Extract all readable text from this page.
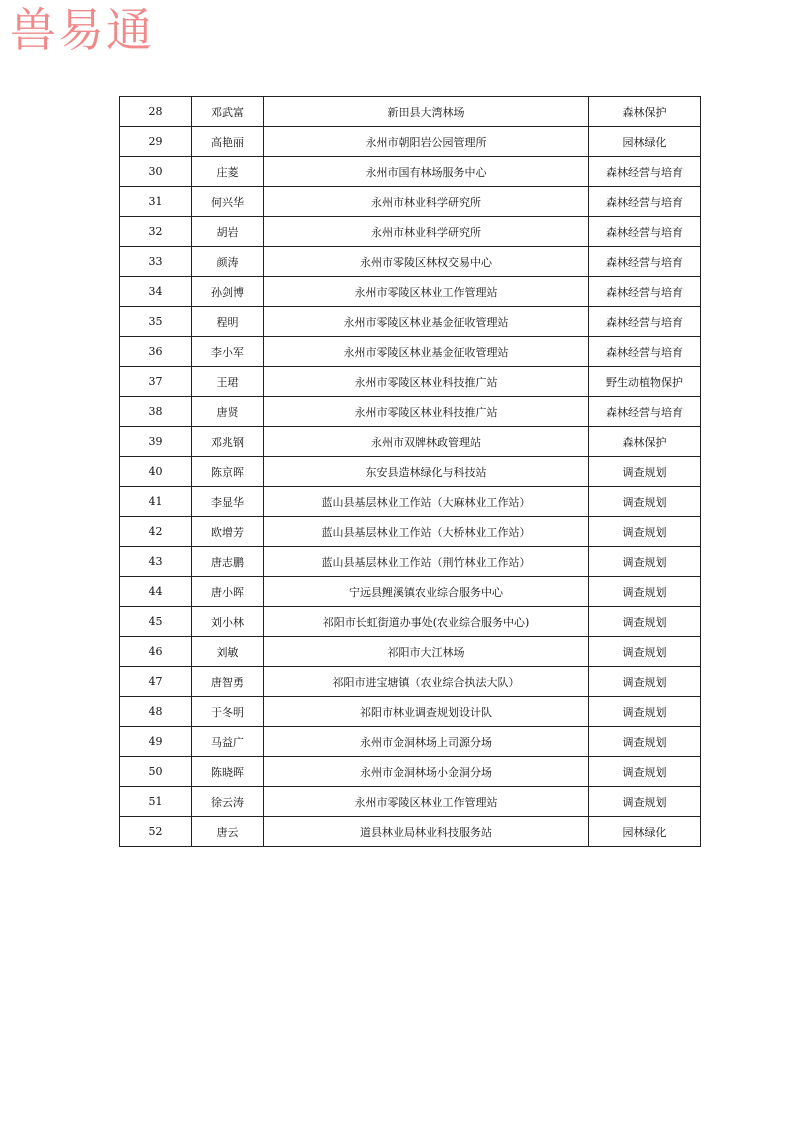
兽易通
28	邓武富	新田县大湾林场	森林保护
29	高艳丽	永州市朝阳岩公园管理所	园林绿化
30	庄菱	永州市国有林场服务中心	森林经营与培育
31	何兴华	永州市林业科学研究所	森林经营与培育
32	胡岩	永州市林业科学研究所	森林经营与培育
33	颜涛	永州市零陵区林权交易中心	森林经营与培育
34	孙剑博	永州市零陵区林业工作管理站	森林经营与培育
35	程明	永州市零陵区林业基金征收管理站	森林经营与培育
36	李小军	永州市零陵区林业基金征收管理站	森林经营与培育
37	王珺	永州市零陵区林业科技推广站	野生动植物保护
38	唐贤	永州市零陵区林业科技推广站	森林经营与培育
39	邓兆钢	永州市双牌林政管理站	森林保护
40	陈京晖	东安县造林绿化与科技站	调查规划
41	李显华	蓝山县基层林业工作站（大麻林业工作站）	调查规划
42	欧增芳	蓝山县基层林业工作站（大桥林业工作站）	调查规划
43	唐志鹏	蓝山县基层林业工作站（荆竹林业工作站）	调查规划
44	唐小晖	宁远县鲤溪镇农业综合服务中心	调查规划
45	刘小林	祁阳市长虹街道办事处(农业综合服务中心)	调查规划
46	刘敏	祁阳市大江林场	调查规划
47	唐智勇	祁阳市进宝塘镇（农业综合执法大队）	调查规划
48	于冬明	祁阳市林业调查规划设计队	调查规划
49	马益广	永州市金洞林场上司源分场	调查规划
50	陈晓晖	永州市金洞林场小金洞分场	调查规划
51	徐云涛	永州市零陵区林业工作管理站	调查规划
52	唐云	道县林业局林业科技服务站	园林绿化
